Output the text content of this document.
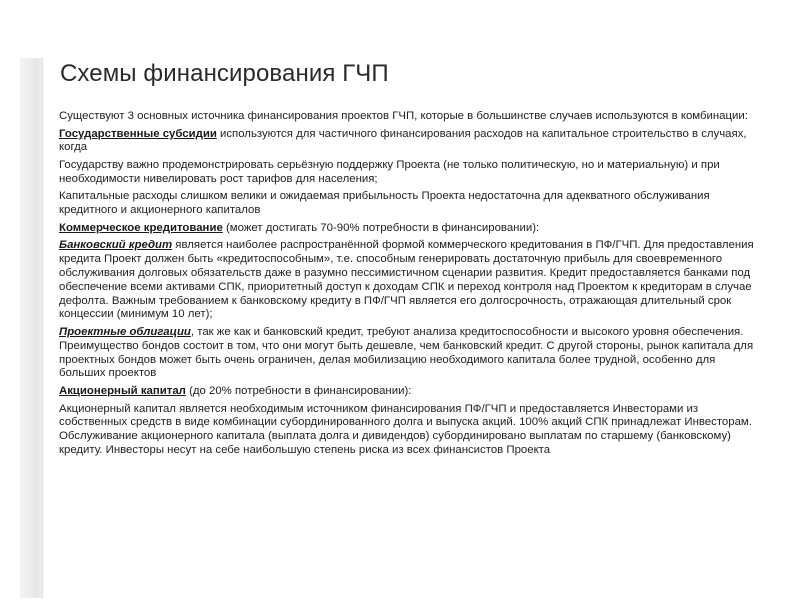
Схемы финансирования ГЧП

Существуют 3 основных источника финансирования проектов ГЧП, которые в большинстве случаев используются в комбинации:

Государственные субсидии используются для частичного финансирования расходов на капитальное строительство в случаях, когда

Государству важно продемонстрировать серьёзную поддержку Проекта (не только политическую, но и материальную) и при необходимости нивелировать рост тарифов для населения;

Капитальные расходы слишком велики и ожидаемая прибыльность Проекта недостаточна для адекватного обслуживания кредитного и акционерного капиталов

Коммерческое кредитование (может достигать 70-90% потребности в финансировании):

Банковский кредит является наиболее распространённой формой коммерческого кредитования в ПФ/ГЧП. Для предоставления кредита Проект должен быть «кредитоспособным», т.е. способным генерировать достаточную прибыль для своевременного обслуживания долговых обязательств даже в разумно пессимистичном сценарии развития. Кредит предоставляется банками под обеспечение всеми активами СПК, приоритетный доступ к доходам СПК и переход контроля над Проектом к кредиторам в случае дефолта. Важным требованием к банковскому кредиту в ПФ/ГЧП является его долгосрочность, отражающая длительный срок концессии (минимум 10 лет);

Проектные облигации, так же как и банковский кредит, требуют анализа кредитоспособности и высокого уровня обеспечения. Преимущество бондов состоит в том, что они могут быть дешевле, чем банковский кредит. С другой стороны, рынок капитала для проектных бондов может быть очень ограничен, делая мобилизацию необходимого капитала более трудной, особенно для больших проектов

Акционерный капитал (до 20% потребности в финансировании):

Акционерный капитал является необходимым источником финансирования ПФ/ГЧП и предоставляется Инвесторами из собственных средств в виде комбинации субординированного долга и выпуска акций. 100% акций СПК принадлежат Инвесторам. Обслуживание акционерного капитала (выплата долга и дивидендов) субординировано выплатам по старшему (банковскому) кредиту. Инвесторы несут на себе наибольшую степень риска из всех финансистов Проекта
